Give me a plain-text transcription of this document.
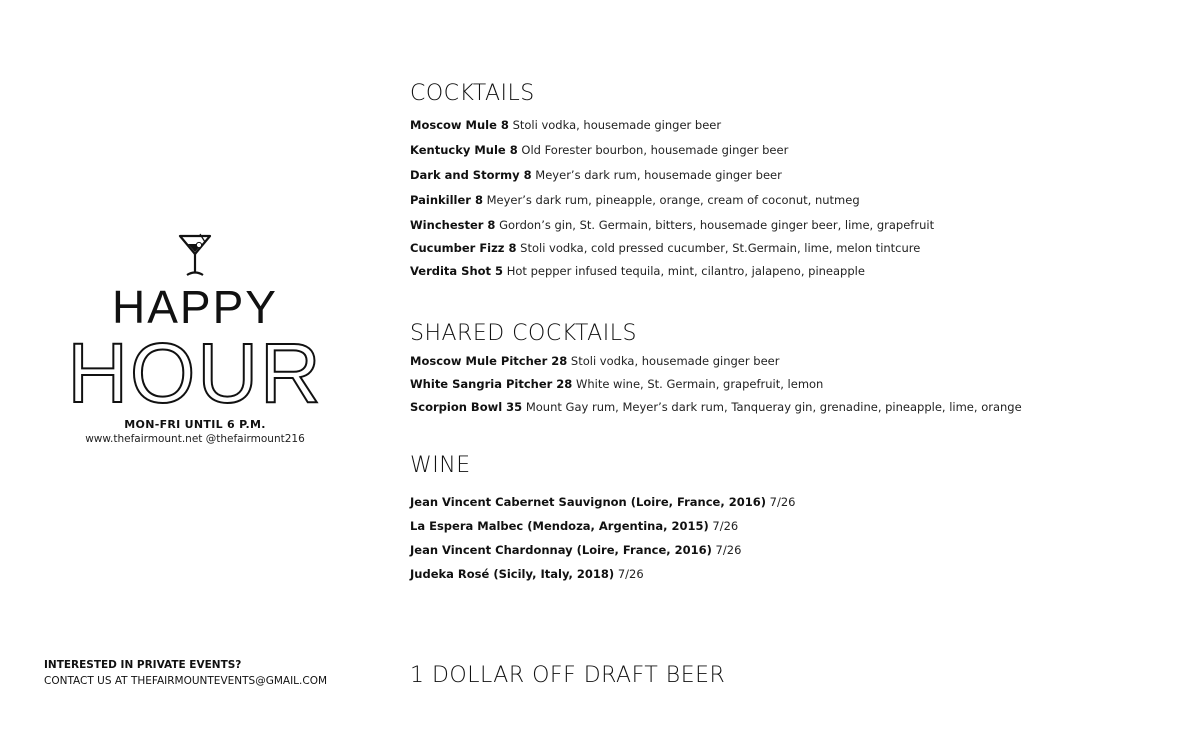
HAPPY
HOUR
MON-FRI UNTIL 6 P.M.
www.thefairmount.net @thefairmount216
INTERESTED IN PRIVATE EVENTS?
CONTACT US AT THEFAIRMOUNTEVENTS@GMAIL.COM
COCKTAILS
Moscow Mule 8 Stoli vodka, housemade ginger beer
Kentucky Mule 8 Old Forester bourbon, housemade ginger beer
Dark and Stormy 8 Meyer’s dark rum, housemade ginger beer
Painkiller 8 Meyer’s dark rum, pineapple, orange, cream of coconut, nutmeg
Winchester 8 Gordon’s gin, St. Germain, bitters, housemade ginger beer, lime, grapefruit
Cucumber Fizz 8 Stoli vodka, cold pressed cucumber, St.Germain, lime, melon tintcure
Verdita Shot 5 Hot pepper infused tequila, mint, cilantro, jalapeno, pineapple
SHARED COCKTAILS
Moscow Mule Pitcher 28 Stoli vodka, housemade ginger beer
White Sangria Pitcher 28 White wine, St. Germain, grapefruit, lemon
Scorpion Bowl 35 Mount Gay rum, Meyer’s dark rum, Tanqueray gin, grenadine, pineapple, lime, orange
WINE
Jean Vincent Cabernet Sauvignon (Loire, France, 2016) 7/26
La Espera Malbec (Mendoza, Argentina, 2015) 7/26
Jean Vincent Chardonnay (Loire, France, 2016) 7/26
Judeka Rosé (Sicily, Italy, 2018) 7/26
1 DOLLAR OFF DRAFT BEER
